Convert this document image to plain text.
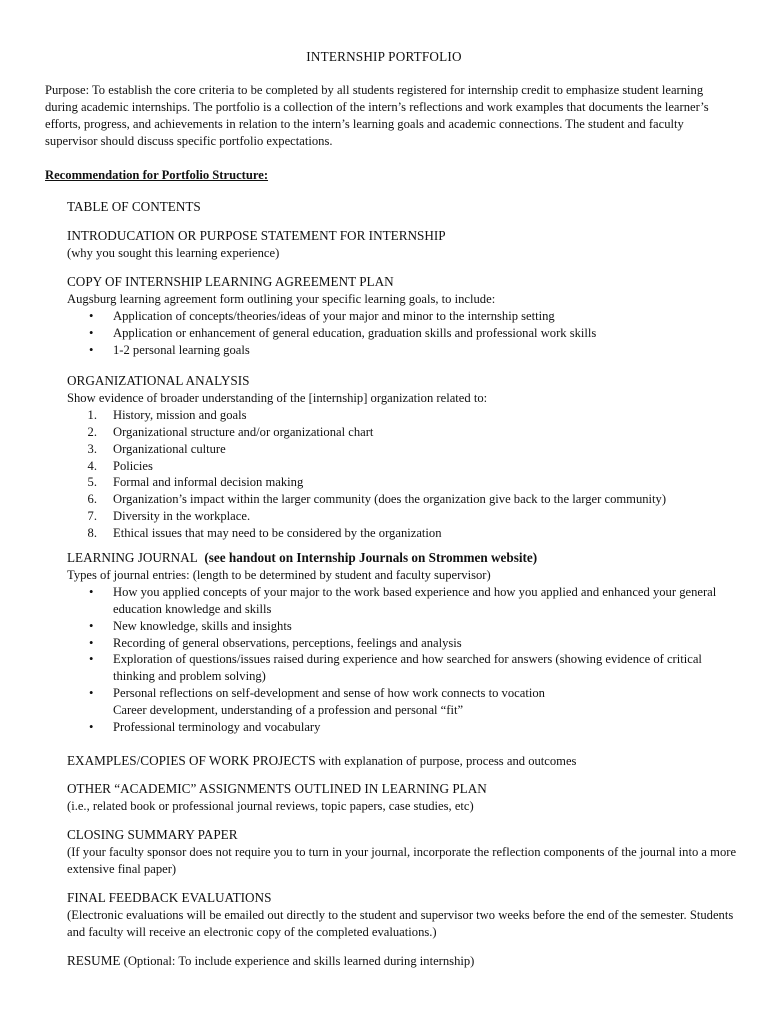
INTERNSHIP PORTFOLIO
Purpose: To establish the core criteria to be completed by all students registered for internship credit to emphasize student learning during academic internships. The portfolio is a collection of the intern’s reflections and work examples that documents the learner’s efforts, progress, and achievements in relation to the intern’s learning goals and academic connections. The student and faculty supervisor should discuss specific portfolio expectations.
Recommendation for Portfolio Structure:
TABLE OF CONTENTS
INTRODUCATION OR PURPOSE STATEMENT FOR INTERNSHIP
(why you sought this learning experience)
COPY OF INTERNSHIP LEARNING AGREEMENT PLAN
Augsburg learning agreement form outlining your specific learning goals, to include:
• Application of concepts/theories/ideas of your major and minor to the internship setting
• Application or enhancement of general education, graduation skills and professional work skills
• 1-2 personal learning goals
ORGANIZATIONAL ANALYSIS
Show evidence of broader understanding of the [internship] organization related to:
1. History, mission and goals
2. Organizational structure and/or organizational chart
3. Organizational culture
4. Policies
5. Formal and informal decision making
6. Organization’s impact within the larger community (does the organization give back to the larger community)
7. Diversity in the workplace.
8. Ethical issues that may need to be considered by the organization
LEARNING JOURNAL (see handout on Internship Journals on Strommen website)
Types of journal entries: (length to be determined by student and faculty supervisor)
• How you applied concepts of your major to the work based experience and how you applied and enhanced your general education knowledge and skills
• New knowledge, skills and insights
• Recording of general observations, perceptions, feelings and analysis
• Exploration of questions/issues raised during experience and how searched for answers (showing evidence of critical thinking and problem solving)
• Personal reflections on self-development and sense of how work connects to vocation
Career development, understanding of a profession and personal “fit”
• Professional terminology and vocabulary
EXAMPLES/COPIES OF WORK PROJECTS with explanation of purpose, process and outcomes
OTHER “ACADEMIC” ASSIGNMENTS OUTLINED IN LEARNING PLAN
(i.e., related book or professional journal reviews, topic papers, case studies, etc)
CLOSING SUMMARY PAPER
(If your faculty sponsor does not require you to turn in your journal, incorporate the reflection components of the journal into a more extensive final paper)
FINAL FEEDBACK EVALUATIONS
(Electronic evaluations will be emailed out directly to the student and supervisor two weeks before the end of the semester. Students and faculty will receive an electronic copy of the completed evaluations.)
RESUME (Optional: To include experience and skills learned during internship)
